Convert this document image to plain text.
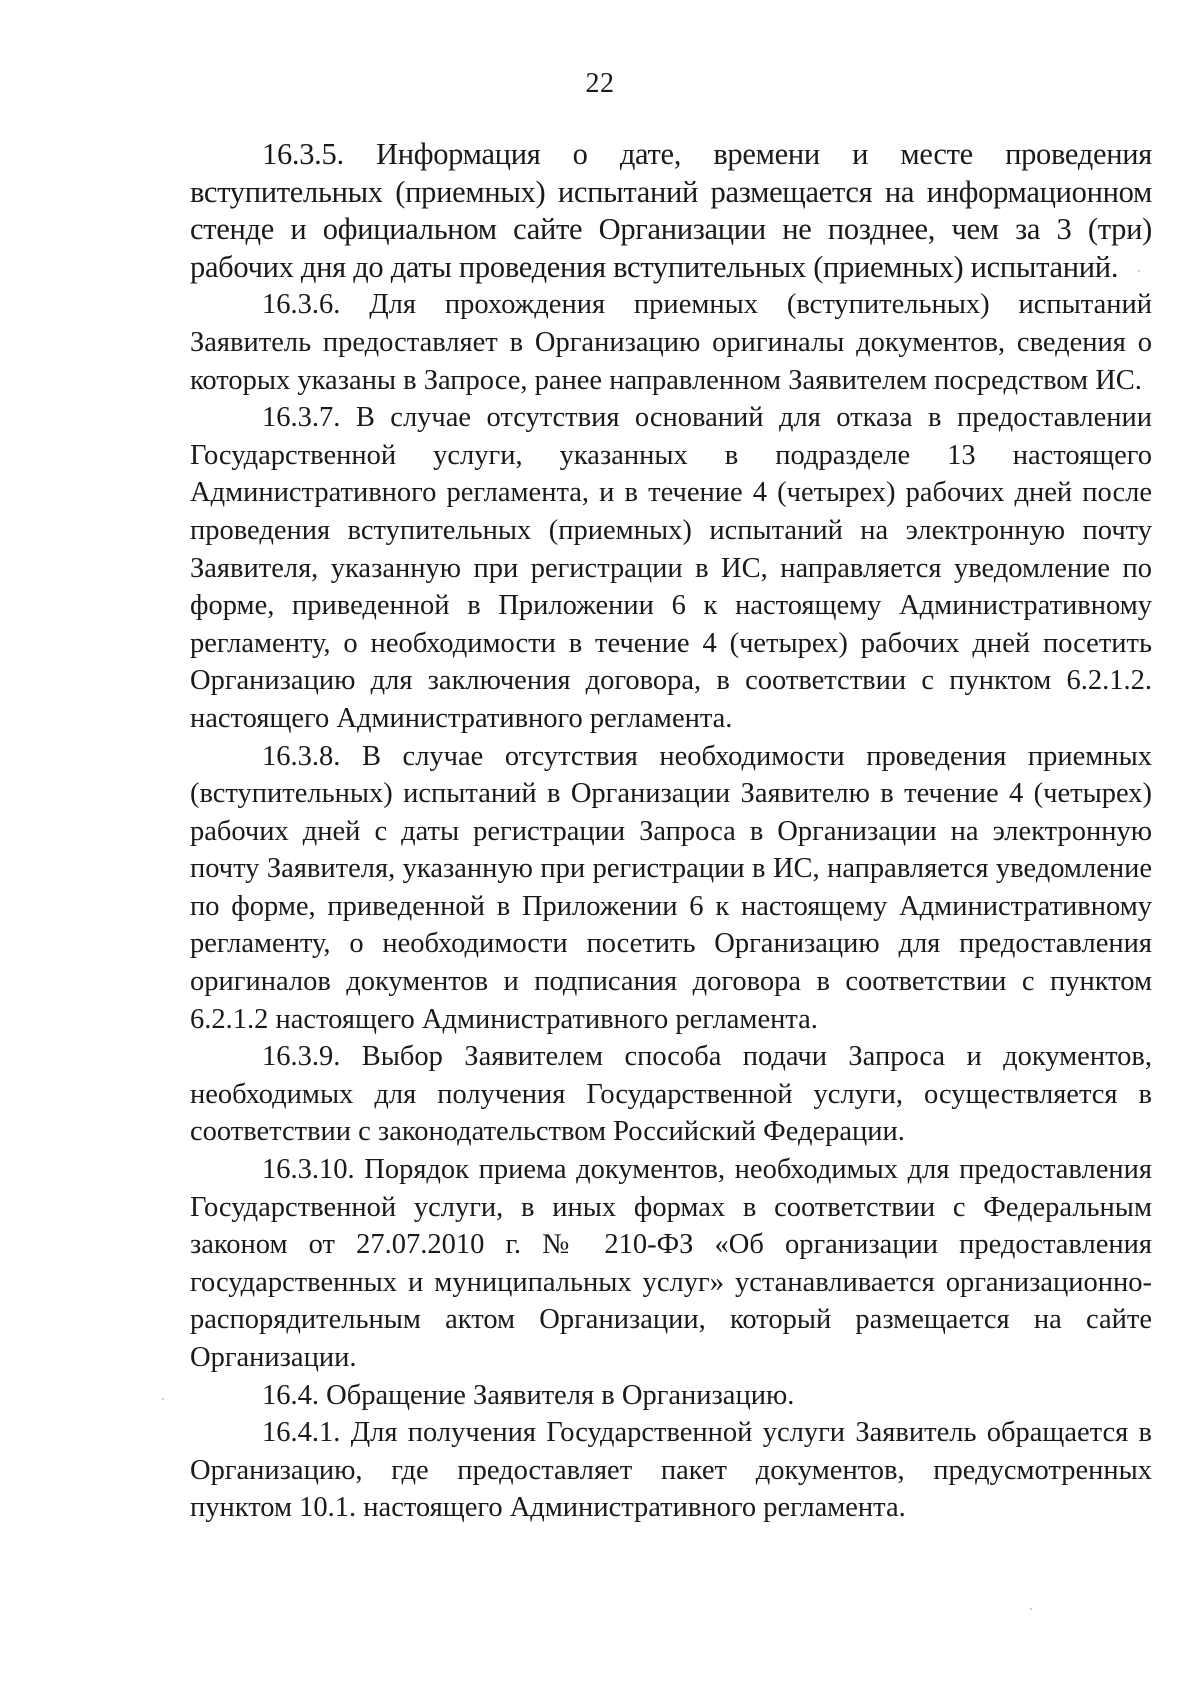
22

16.3.5. Информация о дате, времени и месте проведения вступительных (приемных) испытаний размещается на информационном стенде и официальном сайте Организации не позднее, чем за 3 (три) рабочих дня до даты проведения вступительных (приемных) испытаний.

16.3.6. Для прохождения приемных (вступительных) испытаний Заявитель предоставляет в Организацию оригиналы документов, сведения о которых указаны в Запросе, ранее направленном Заявителем посредством ИС.

16.3.7. В случае отсутствия оснований для отказа в предоставлении Государственной услуги, указанных в подразделе 13 настоящего Административного регламента, и в течение 4 (четырех) рабочих дней после проведения вступительных (приемных) испытаний на электронную почту Заявителя, указанную при регистрации в ИС, направляется уведомление по форме, приведенной в Приложении 6 к настоящему Административному регламенту, о необходимости в течение 4 (четырех) рабочих дней посетить Организацию для заключения договора, в соответствии с пунктом 6.2.1.2. настоящего Административного регламента.

16.3.8. В случае отсутствия необходимости проведения приемных (вступительных) испытаний в Организации Заявителю в течение 4 (четырех) рабочих дней с даты регистрации Запроса в Организации на электронную почту Заявителя, указанную при регистрации в ИС, направляется уведомление по форме, приведенной в Приложении 6 к настоящему Административному регламенту, о необходимости посетить Организацию для предоставления оригиналов документов и подписания договора в соответствии с пунктом 6.2.1.2 настоящего Административного регламента.

16.3.9. Выбор Заявителем способа подачи Запроса и документов, необходимых для получения Государственной услуги, осуществляется в соответствии с законодательством Российский Федерации.

16.3.10. Порядок приема документов, необходимых для предоставления Государственной услуги, в иных формах в соответствии с Федеральным законом от 27.07.2010 г. № 210-ФЗ «Об организации предоставления государственных и муниципальных услуг» устанавливается организационно-распорядительным актом Организации, который размещается на сайте Организации.

16.4. Обращение Заявителя в Организацию.

16.4.1. Для получения Государственной услуги Заявитель обращается в Организацию, где предоставляет пакет документов, предусмотренных пунктом 10.1. настоящего Административного регламента.
